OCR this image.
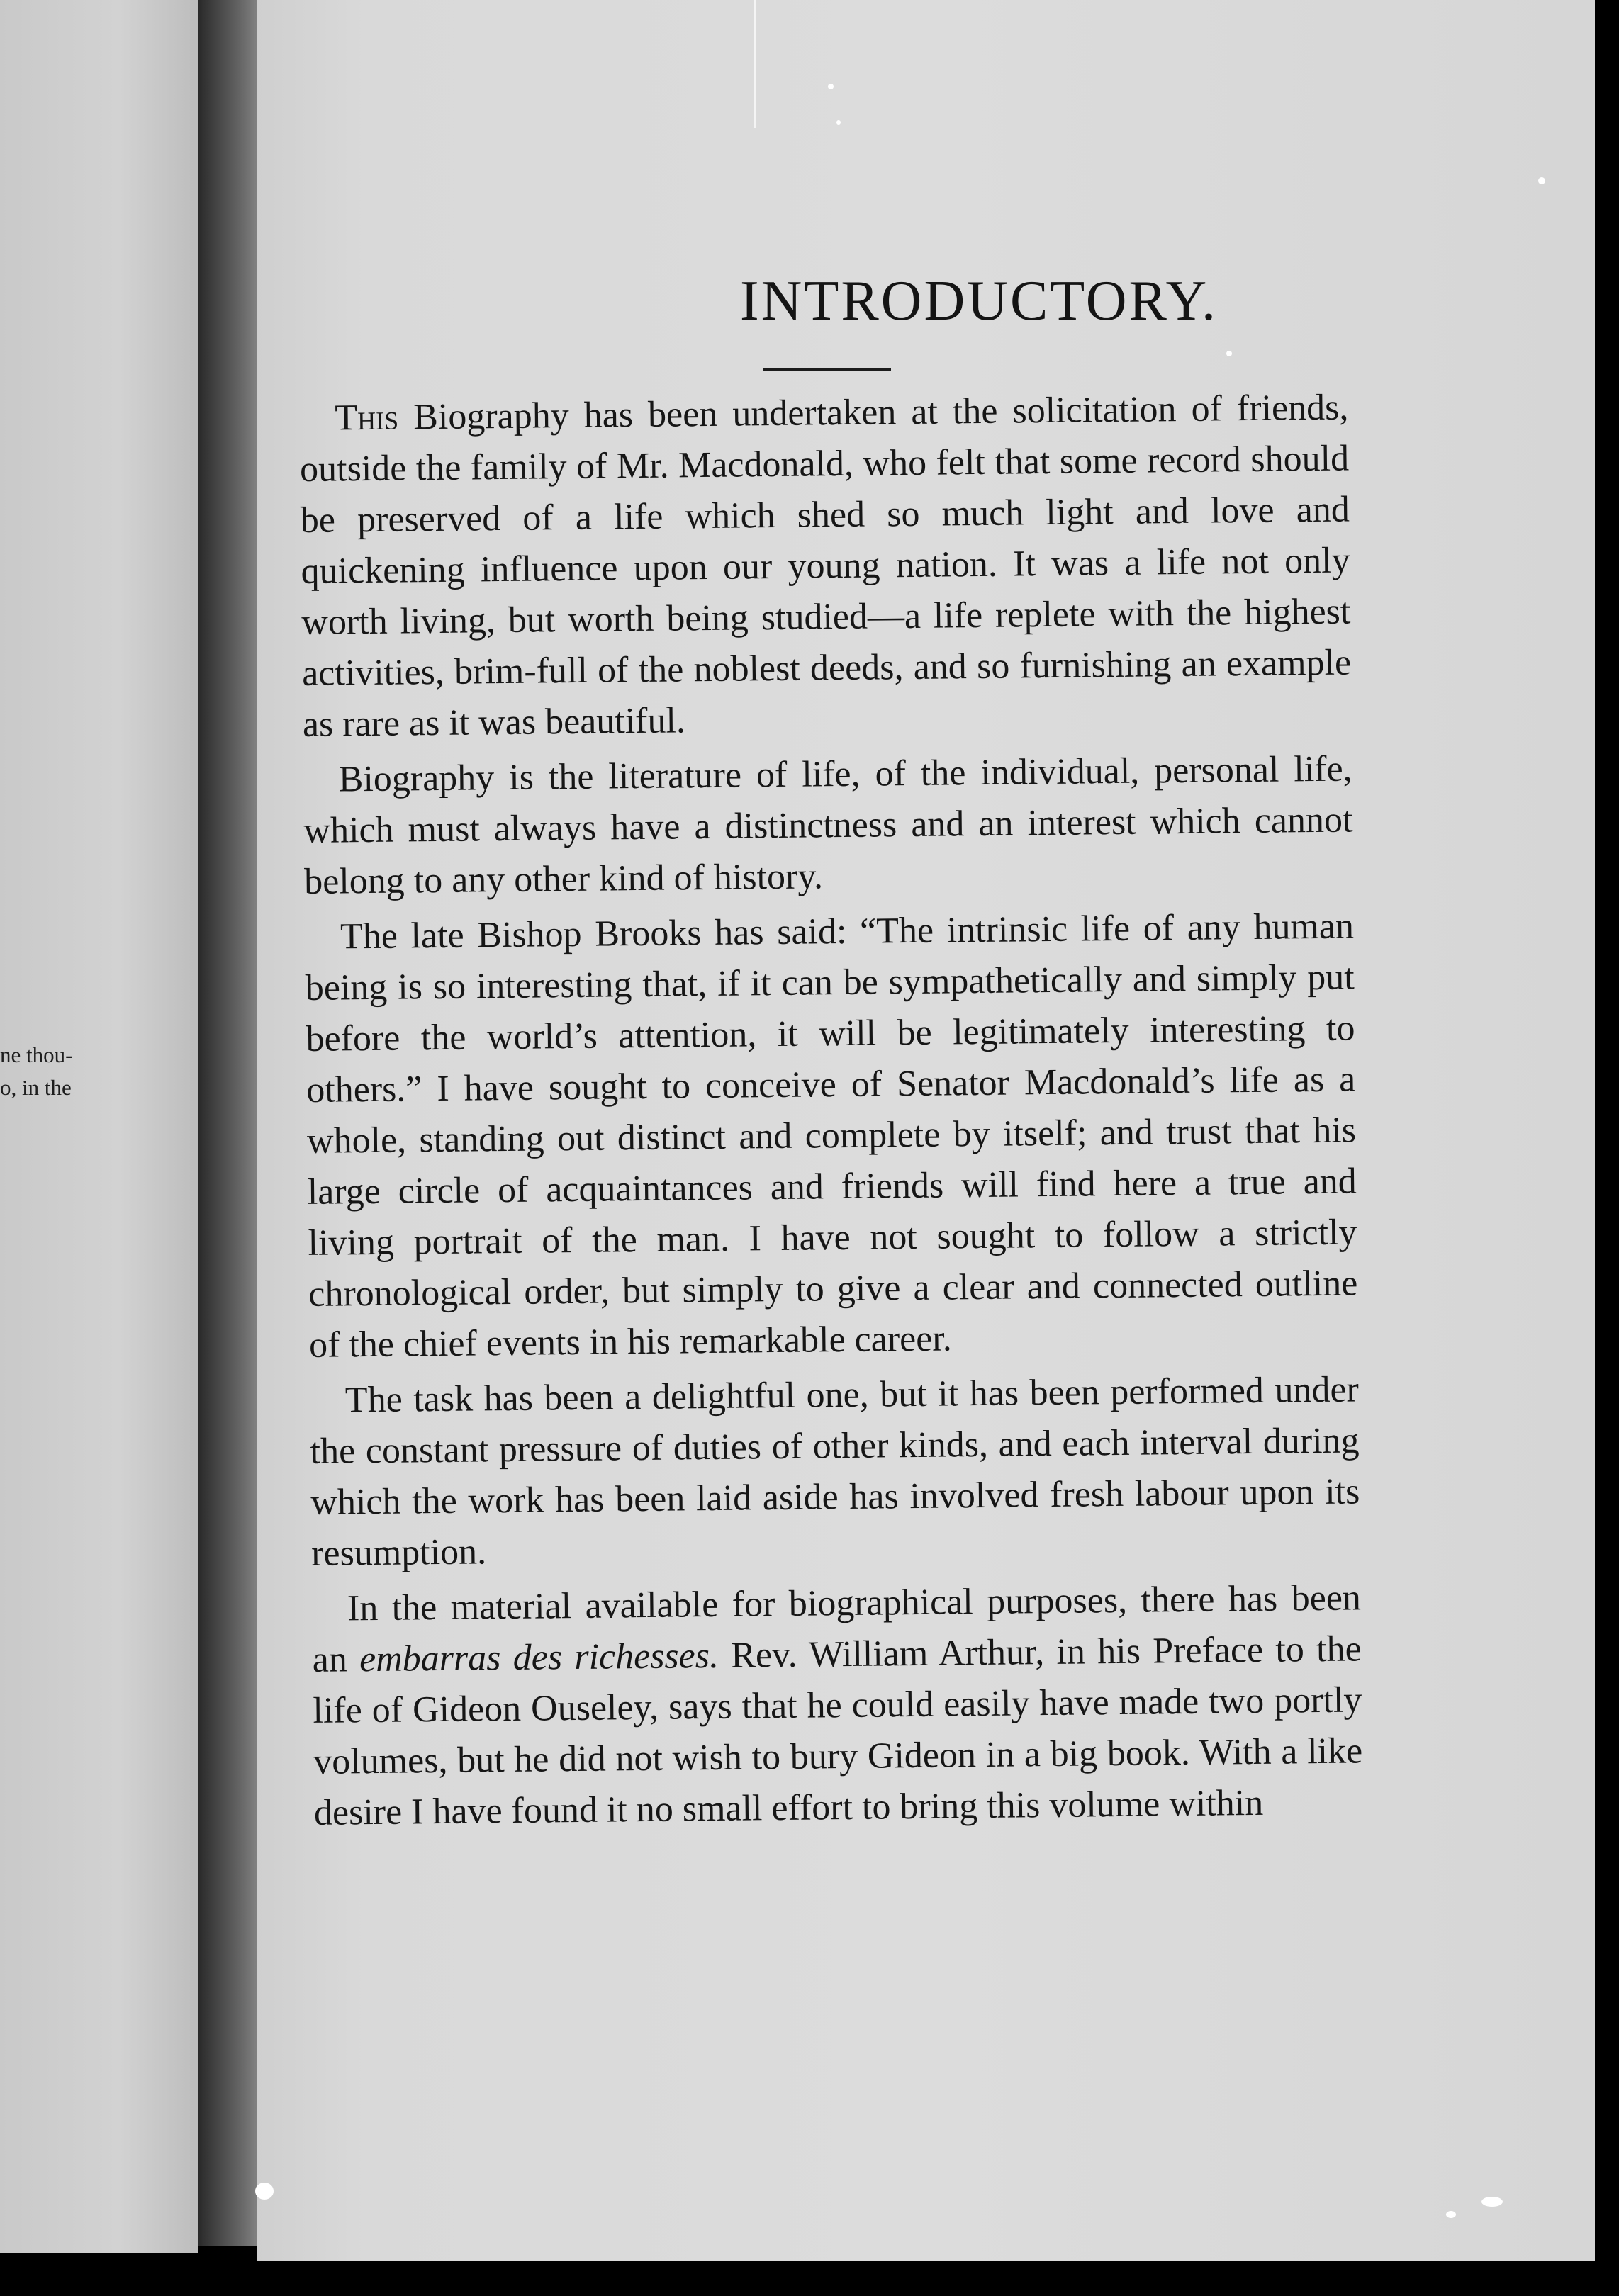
ne thou-
o, in the
INTRODUCTORY.

This Biography has been undertaken at the solicitation of friends, outside the family of Mr. Macdonald, who felt that some record should be preserved of a life which shed so much light and love and quickening influence upon our young nation. It was a life not only worth living, but worth being studied—a life replete with the highest activities, brim-full of the noblest deeds, and so furnishing an example as rare as it was beautiful.

Biography is the literature of life, of the individual, personal life, which must always have a distinctness and an interest which cannot belong to any other kind of history.

The late Bishop Brooks has said: “The intrinsic life of any human being is so interesting that, if it can be sympathetically and simply put before the world’s attention, it will be legitimately interesting to others.” I have sought to conceive of Senator Macdonald’s life as a whole, standing out distinct and complete by itself; and trust that his large circle of acquaintances and friends will find here a true and living portrait of the man. I have not sought to follow a strictly chronological order, but simply to give a clear and connected outline of the chief events in his remarkable career.

The task has been a delightful one, but it has been performed under the constant pressure of duties of other kinds, and each interval during which the work has been laid aside has involved fresh labour upon its resumption.

In the material available for biographical purposes, there has been an embarras des richesses. Rev. William Arthur, in his Preface to the life of Gideon Ouseley, says that he could easily have made two portly volumes, but he did not wish to bury Gideon in a big book. With a like desire I have found it no small effort to bring this volume within
